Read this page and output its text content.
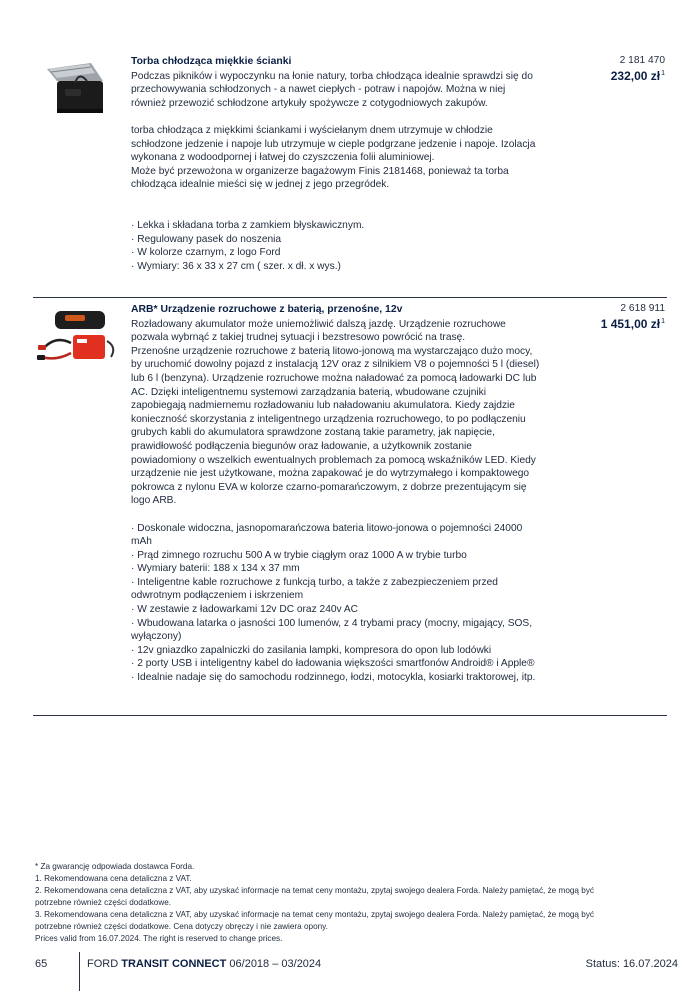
Torba chłodząca miękkie ścianki
Podczas pikników i wypoczynku na łonie natury, torba chłodząca idealnie sprawdzi się do
przechowywania schłodzonych - a nawet ciepłych - potraw i napojów. Można w niej
również przewozić schłodzone artykuły spożywcze z cotygodniowych zakupów.
torba chłodząca z miękkimi ściankami i wyściełanym dnem utrzymuje w chłodzie
schłodzone jedzenie i napoje lub utrzymuje w cieple podgrzane jedzenie i napoje. Izolacja
wykonana z wodoodpornej i łatwej do czyszczenia folii aluminiowej.
Może być przewożona w organizerze bagażowym Finis 2181468, ponieważ ta torba
chłodząca idealnie mieści się w jednej z jego przegródek.
· Lekka i składana torba z zamkiem błyskawicznym.
· Regulowany pasek do noszenia
· W kolorze czarnym, z logo Ford
· Wymiary: 36 x 33 x 27 cm ( szer. x dł. x wys.)
2 181 470
232,00 $zł^1$
ARB* Urządzenie rozruchowe z baterią, przenośne, 12v
Rozładowany akumulator może uniemożliwić dalszą jazdę. Urządzenie rozruchowe
pozwala wybrnąć z takiej trudnej sytuacji i bezstresowo powrócić na trasę.
Przenośne urządzenie rozruchowe z baterią litowo-jonową ma wystarczająco dużo mocy,
by uruchomić dowolny pojazd z instalacją 12V oraz z silnikiem V8 o pojemności 5 l (diesel)
lub 6 l (benzyna). Urządzenie rozruchowe można naładować za pomocą ładowarki DC lub
AC. Dzięki inteligentnemu systemowi zarządzania baterią, wbudowane czujniki
zapobiegają nadmiernemu rozładowaniu lub naładowaniu akumulatora. Kiedy zajdzie
konieczność skorzystania z inteligentnego urządzenia rozruchowego, to po podłączeniu
grubych kabli do akumulatora sprawdzone zostaną takie parametry, jak napięcie,
prawidłowość podłączenia biegunów oraz ładowanie, a użytkownik zostanie
powiadomiony o wszelkich ewentualnych problemach za pomocą wskaźników LED. Kiedy
urządzenie nie jest użytkowane, można zapakować je do wytrzymałego i kompaktowego
pokrowca z nylonu EVA w kolorze czarno-pomarańczowym, z dobrze prezentującym się
logo ARB.
· Doskonale widoczna, jasnopomarańczowa bateria litowo-jonowa o pojemności 24000
mAh
· Prąd zimnego rozruchu 500 A w trybie ciągłym oraz 1000 A w trybie turbo
· Wymiary baterii: 188 x 134 x 37 mm
· Inteligentne kable rozruchowe z funkcją turbo, a także z zabezpieczeniem przed
odwrotnym podłączeniem i iskrzeniem
· W zestawie z ładowarkami 12v DC oraz 240v AC
· Wbudowana latarka o jasności 100 lumenów, z 4 trybami pracy (mocny, migający, SOS,
wyłączony)
· 12v gniazdko zapalniczki do zasilania lampki, kompresora do opon lub lodówki
· 2 porty USB i inteligentny kabel do ładowania większości smartfonów Android® i Apple®
· Idealnie nadaje się do samochodu rodzinnego, łodzi, motocykla, kosiarki traktorowej, itp.
2 618 911
1 451,00 $zł^1$
* Za gwarancję odpowiada dostawca Forda.
1. Rekomendowana cena detaliczna z VAT.
2. Rekomendowana cena detaliczna z VAT, aby uzyskać informacje na temat ceny montażu, zpytaj swojego dealera Forda. Należy pamiętać, że mogą być
potrzebne również części dodatkowe.
3. Rekomendowana cena detaliczna z VAT, aby uzyskać informacje na temat ceny montażu, zpytaj swojego dealera Forda. Należy pamiętać, że mogą być
potrzebne również części dodatkowe. Cena dotyczy obręczy i nie zawiera opony.
Prices valid from 16.07.2024. The right is reserved to change prices.
65	FORD TRANSIT CONNECT 06/2018 – 03/2024	Status: 16.07.2024
